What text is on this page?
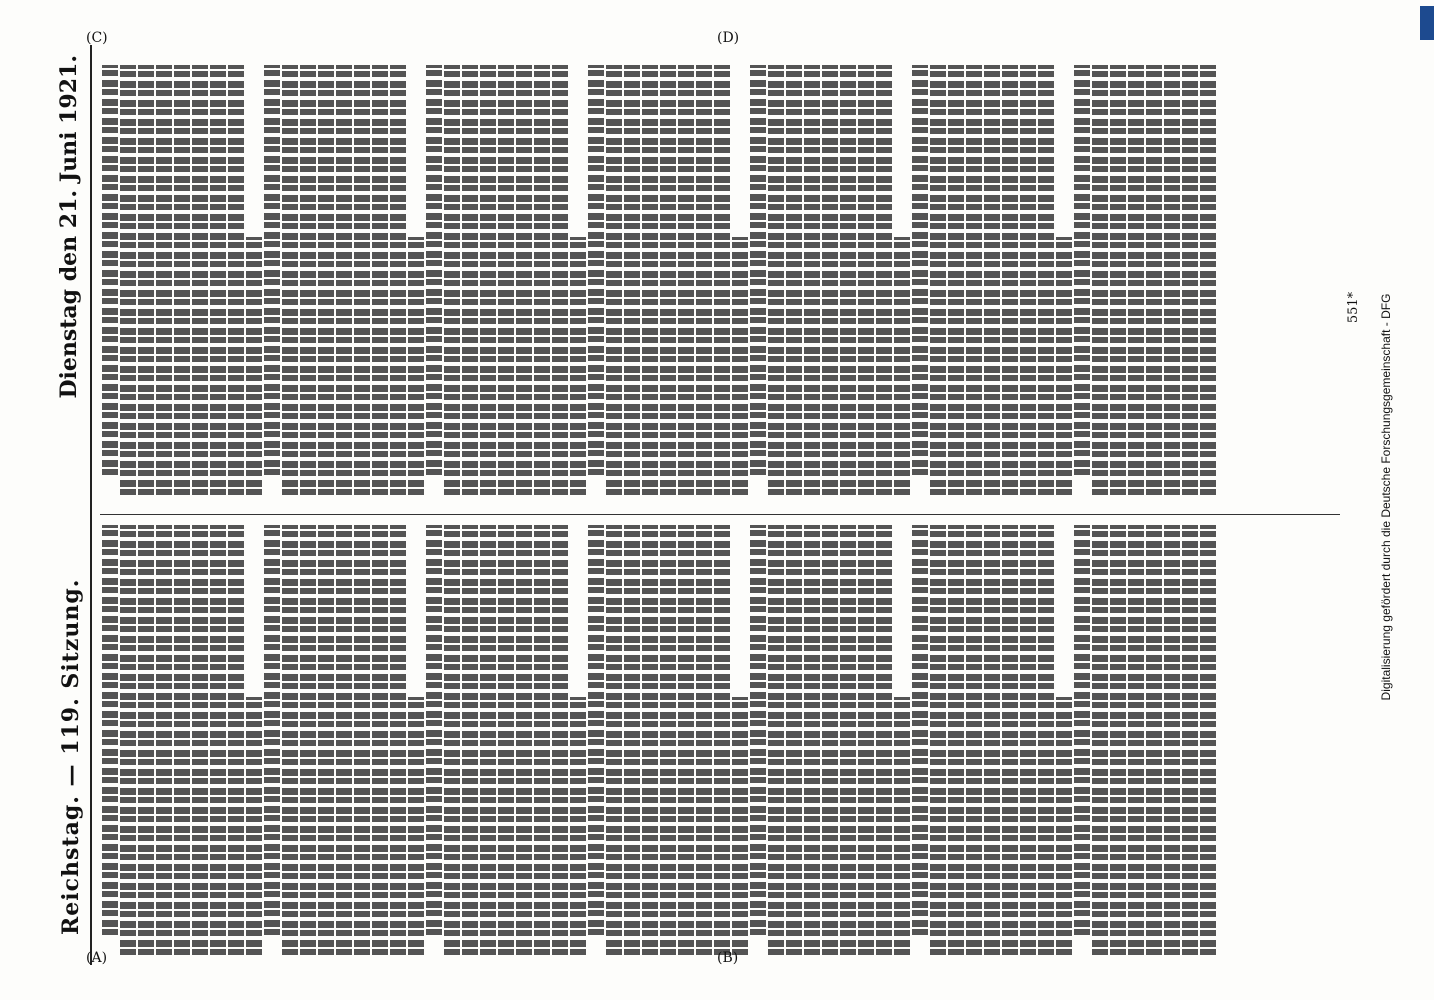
Reichstag. — 119. Sitzung.
Dienstag den 21. Juni 1921.
(A)	(B)
(C)	(D)
551* Digitalisierung gefördert durch die Deutsche Forschungsgemeinschaft - DFG
